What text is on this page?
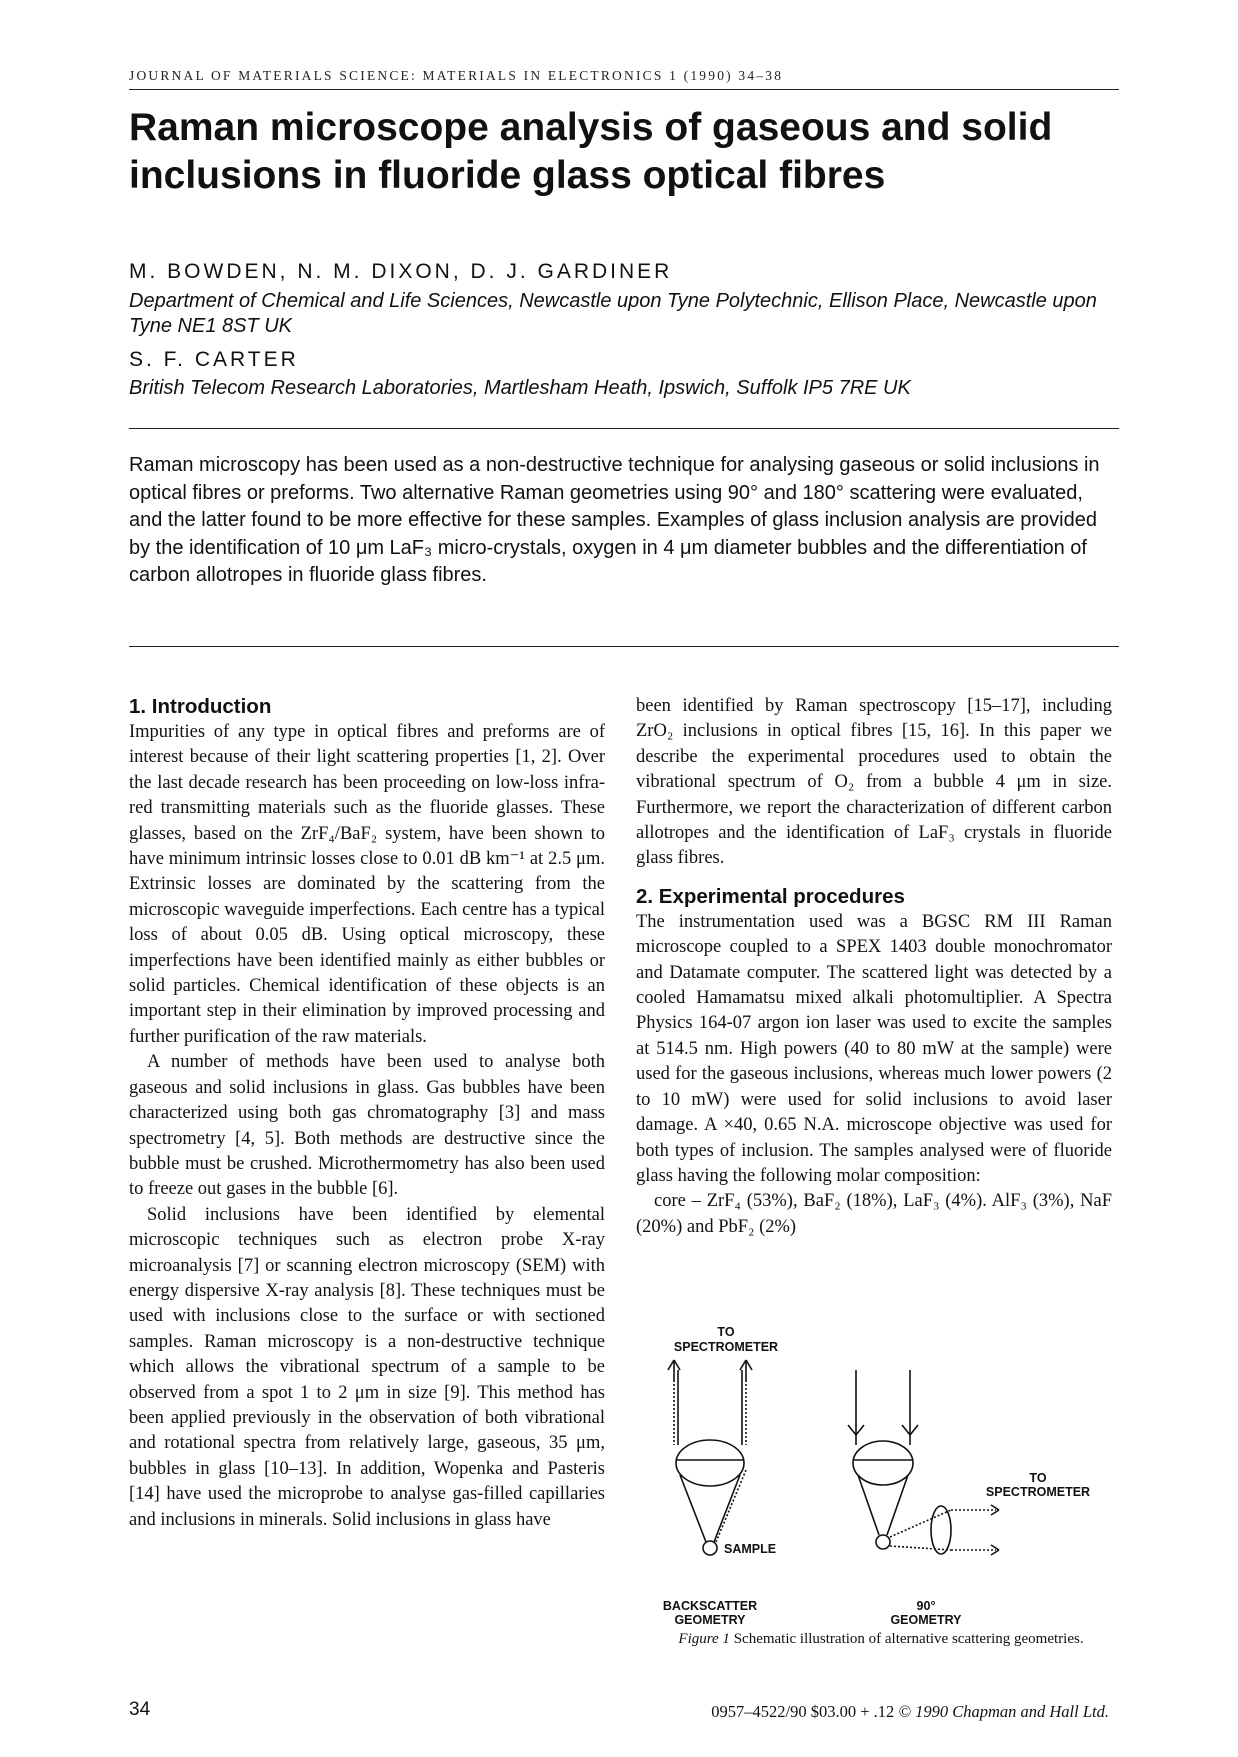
JOURNAL OF MATERIALS SCIENCE: MATERIALS IN ELECTRONICS 1 (1990) 34–38
Raman microscope analysis of gaseous and solid inclusions in fluoride glass optical fibres
M. BOWDEN, N. M. DIXON, D. J. GARDINER
Department of Chemical and Life Sciences, Newcastle upon Tyne Polytechnic, Ellison Place, Newcastle upon Tyne NE1 8ST UK
S. F. CARTER
British Telecom Research Laboratories, Martlesham Heath, Ipswich, Suffolk IP5 7RE UK
Raman microscopy has been used as a non-destructive technique for analysing gaseous or solid inclusions in optical fibres or preforms. Two alternative Raman geometries using 90° and 180° scattering were evaluated, and the latter found to be more effective for these samples. Examples of glass inclusion analysis are provided by the identification of 10 μm LaF₃ micro-crystals, oxygen in 4 μm diameter bubbles and the differentiation of carbon allotropes in fluoride glass fibres.
1. Introduction

Impurities of any type in optical fibres and preforms are of interest because of their light scattering properties [1, 2]. Over the last decade research has been proceeding on low-loss infra-red transmitting materials such as the fluoride glasses. These glasses, based on the ZrF₄/BaF₂ system, have been shown to have minimum intrinsic losses close to 0.01 dB km⁻¹ at 2.5 μm. Extrinsic losses are dominated by the scattering from the microscopic waveguide imperfections. Each centre has a typical loss of about 0.05 dB. Using optical microscopy, these imperfections have been identified mainly as either bubbles or solid particles. Chemical identification of these objects is an important step in their elimination by improved processing and further purification of the raw materials.

A number of methods have been used to analyse both gaseous and solid inclusions in glass. Gas bubbles have been characterized using both gas chromatography [3] and mass spectrometry [4, 5]. Both methods are destructive since the bubble must be crushed. Microthermometry has also been used to freeze out gases in the bubble [6].

Solid inclusions have been identified by elemental microscopic techniques such as electron probe X-ray microanalysis [7] or scanning electron microscopy (SEM) with energy dispersive X-ray analysis [8]. These techniques must be used with inclusions close to the surface or with sectioned samples. Raman microscopy is a non-destructive technique which allows the vibrational spectrum of a sample to be observed from a spot 1 to 2 μm in size [9]. This method has been applied previously in the observation of both vibrational and rotational spectra from relatively large, gaseous, 35 μm, bubbles in glass [10–13]. In addition, Wopenka and Pasteris [14] have used the microprobe to analyse gas-filled capillaries and inclusions in minerals. Solid inclusions in glass have

been identified by Raman spectroscopy [15–17], including ZrO₂ inclusions in optical fibres [15, 16]. In this paper we describe the experimental procedures used to obtain the vibrational spectrum of O₂ from a bubble 4 μm in size. Furthermore, we report the characterization of different carbon allotropes and the identification of LaF₃ crystals in fluoride glass fibres.

2. Experimental procedures

The instrumentation used was a BGSC RM III Raman microscope coupled to a SPEX 1403 double monochromator and Datamate computer. The scattered light was detected by a cooled Hamamatsu mixed alkali photomultiplier. A Spectra Physics 164-07 argon ion laser was used to excite the samples at 514.5 nm. High powers (40 to 80 mW at the sample) were used for the gaseous inclusions, whereas much lower powers (2 to 10 mW) were used for solid inclusions to avoid laser damage. A ×40, 0.65 N.A. microscope objective was used for both types of inclusion. The samples analysed were of fluoride glass having the following molar composition:

core – ZrF₄ (53%), BaF₂ (18%), LaF₃ (4%). AlF₃ (3%), NaF (20%) and PbF₂ (2%)

TO
SPECTROMETER
SAMPLE
BACKSCATTER
GEOMETRY
TO
SPECTROMETER
90°
GEOMETRY
Figure 1 Schematic illustration of alternative scattering geometries.
34	0957–4522/90 $03.00 + .12 © 1990 Chapman and Hall Ltd.
